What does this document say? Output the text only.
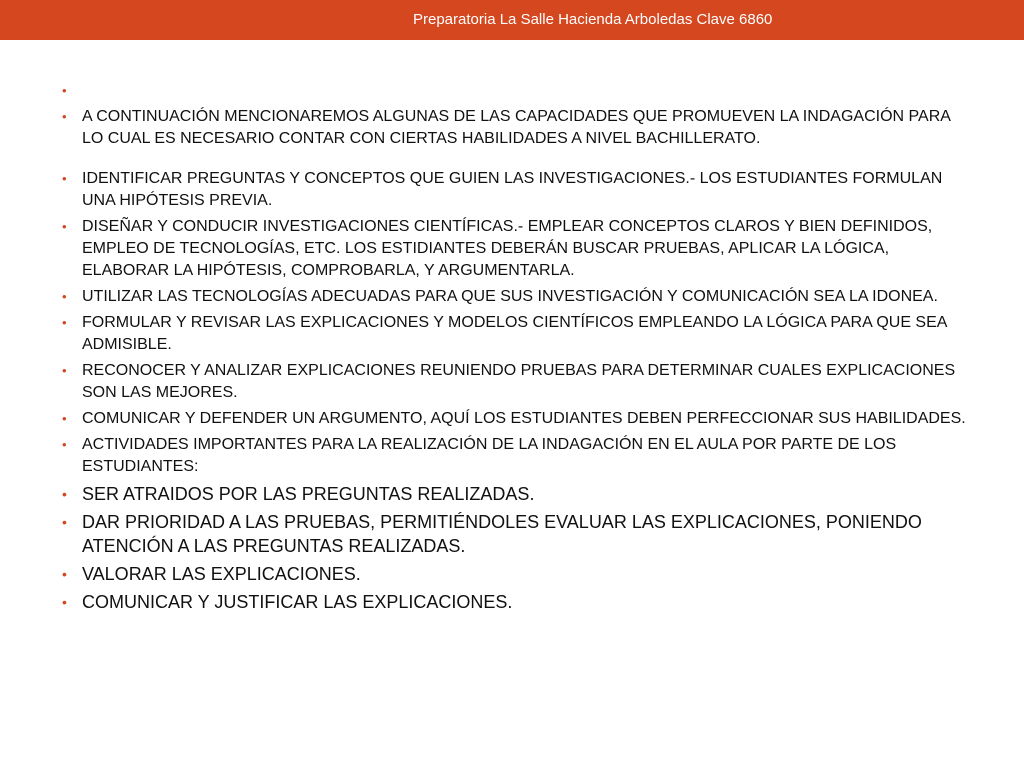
Preparatoria La Salle Hacienda Arboledas Clave 6860
•

• A CONTINUACIÓN MENCIONAREMOS ALGUNAS DE LAS CAPACIDADES QUE PROMUEVEN LA INDAGACIÓN PARA LO CUAL ES NECESARIO CONTAR CON CIERTAS HABILIDADES A NIVEL BACHILLERATO.
• IDENTIFICAR PREGUNTAS Y CONCEPTOS QUE GUIEN LAS INVESTIGACIONES.- LOS ESTUDIANTES FORMULAN UNA HIPÓTESIS PREVIA.
• DISEÑAR Y CONDUCIR INVESTIGACIONES CIENTÍFICAS.- EMPLEAR CONCEPTOS CLAROS Y BIEN DEFINIDOS, EMPLEO DE TECNOLOGÍAS, ETC. LOS ESTIDIANTES DEBERÁN BUSCAR PRUEBAS, APLICAR LA LÓGICA, ELABORAR LA HIPÓTESIS, COMPROBARLA, Y ARGUMENTARLA.
• UTILIZAR LAS TECNOLOGÍAS ADECUADAS PARA QUE SUS INVESTIGACIÓN Y COMUNICACIÓN SEA LA IDONEA.
• FORMULAR Y REVISAR LAS EXPLICACIONES Y MODELOS CIENTÍFICOS EMPLEANDO LA LÓGICA PARA QUE SEA ADMISIBLE.
• RECONOCER Y ANALIZAR EXPLICACIONES REUNIENDO PRUEBAS PARA DETERMINAR CUALES EXPLICACIONES SON LAS MEJORES.
• COMUNICAR Y DEFENDER UN ARGUMENTO, AQUÍ LOS ESTUDIANTES DEBEN PERFECCIONAR SUS HABILIDADES.
• ACTIVIDADES IMPORTANTES PARA LA REALIZACIÓN DE LA INDAGACIÓN EN EL AULA POR PARTE DE LOS ESTUDIANTES:
• SER ATRAIDOS POR LAS PREGUNTAS REALIZADAS.
• DAR PRIORIDAD A LAS PRUEBAS, PERMITIÉNDOLES EVALUAR LAS EXPLICACIONES, PONIENDO ATENCIÓN A LAS PREGUNTAS REALIZADAS.
• VALORAR LAS EXPLICACIONES.
• COMUNICAR Y JUSTIFICAR LAS EXPLICACIONES.
